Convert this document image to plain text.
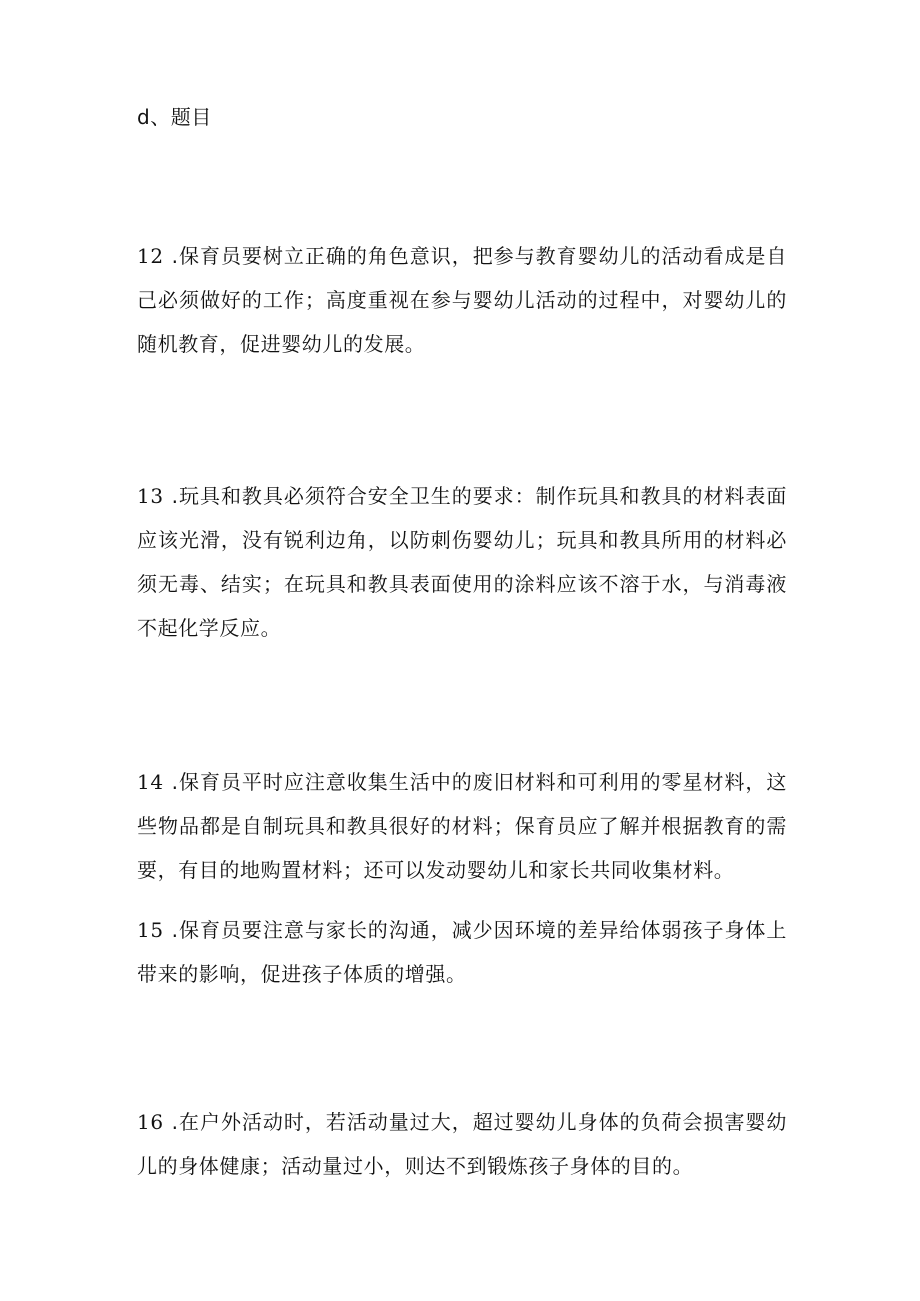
d、题目
12 .保育员要树立正确的角色意识，把参与教育婴幼儿的活动看成是自己必须做好的工作；高度重视在参与婴幼儿活动的过程中，对婴幼儿的随机教育，促进婴幼儿的发展。
13 .玩具和教具必须符合安全卫生的要求：制作玩具和教具的材料表面应该光滑，没有锐利边角，以防刺伤婴幼儿；玩具和教具所用的材料必须无毒、结实；在玩具和教具表面使用的涂料应该不溶于水，与消毒液不起化学反应。
14 .保育员平时应注意收集生活中的废旧材料和可利用的零星材料，这些物品都是自制玩具和教具很好的材料；保育员应了解并根据教育的需要，有目的地购置材料；还可以发动婴幼儿和家长共同收集材料。
15 .保育员要注意与家长的沟通，减少因环境的差异给体弱孩子身体上带来的影响，促进孩子体质的增强。
16 .在户外活动时，若活动量过大，超过婴幼儿身体的负荷会损害婴幼儿的身体健康；活动量过小，则达不到锻炼孩子身体的目的。
